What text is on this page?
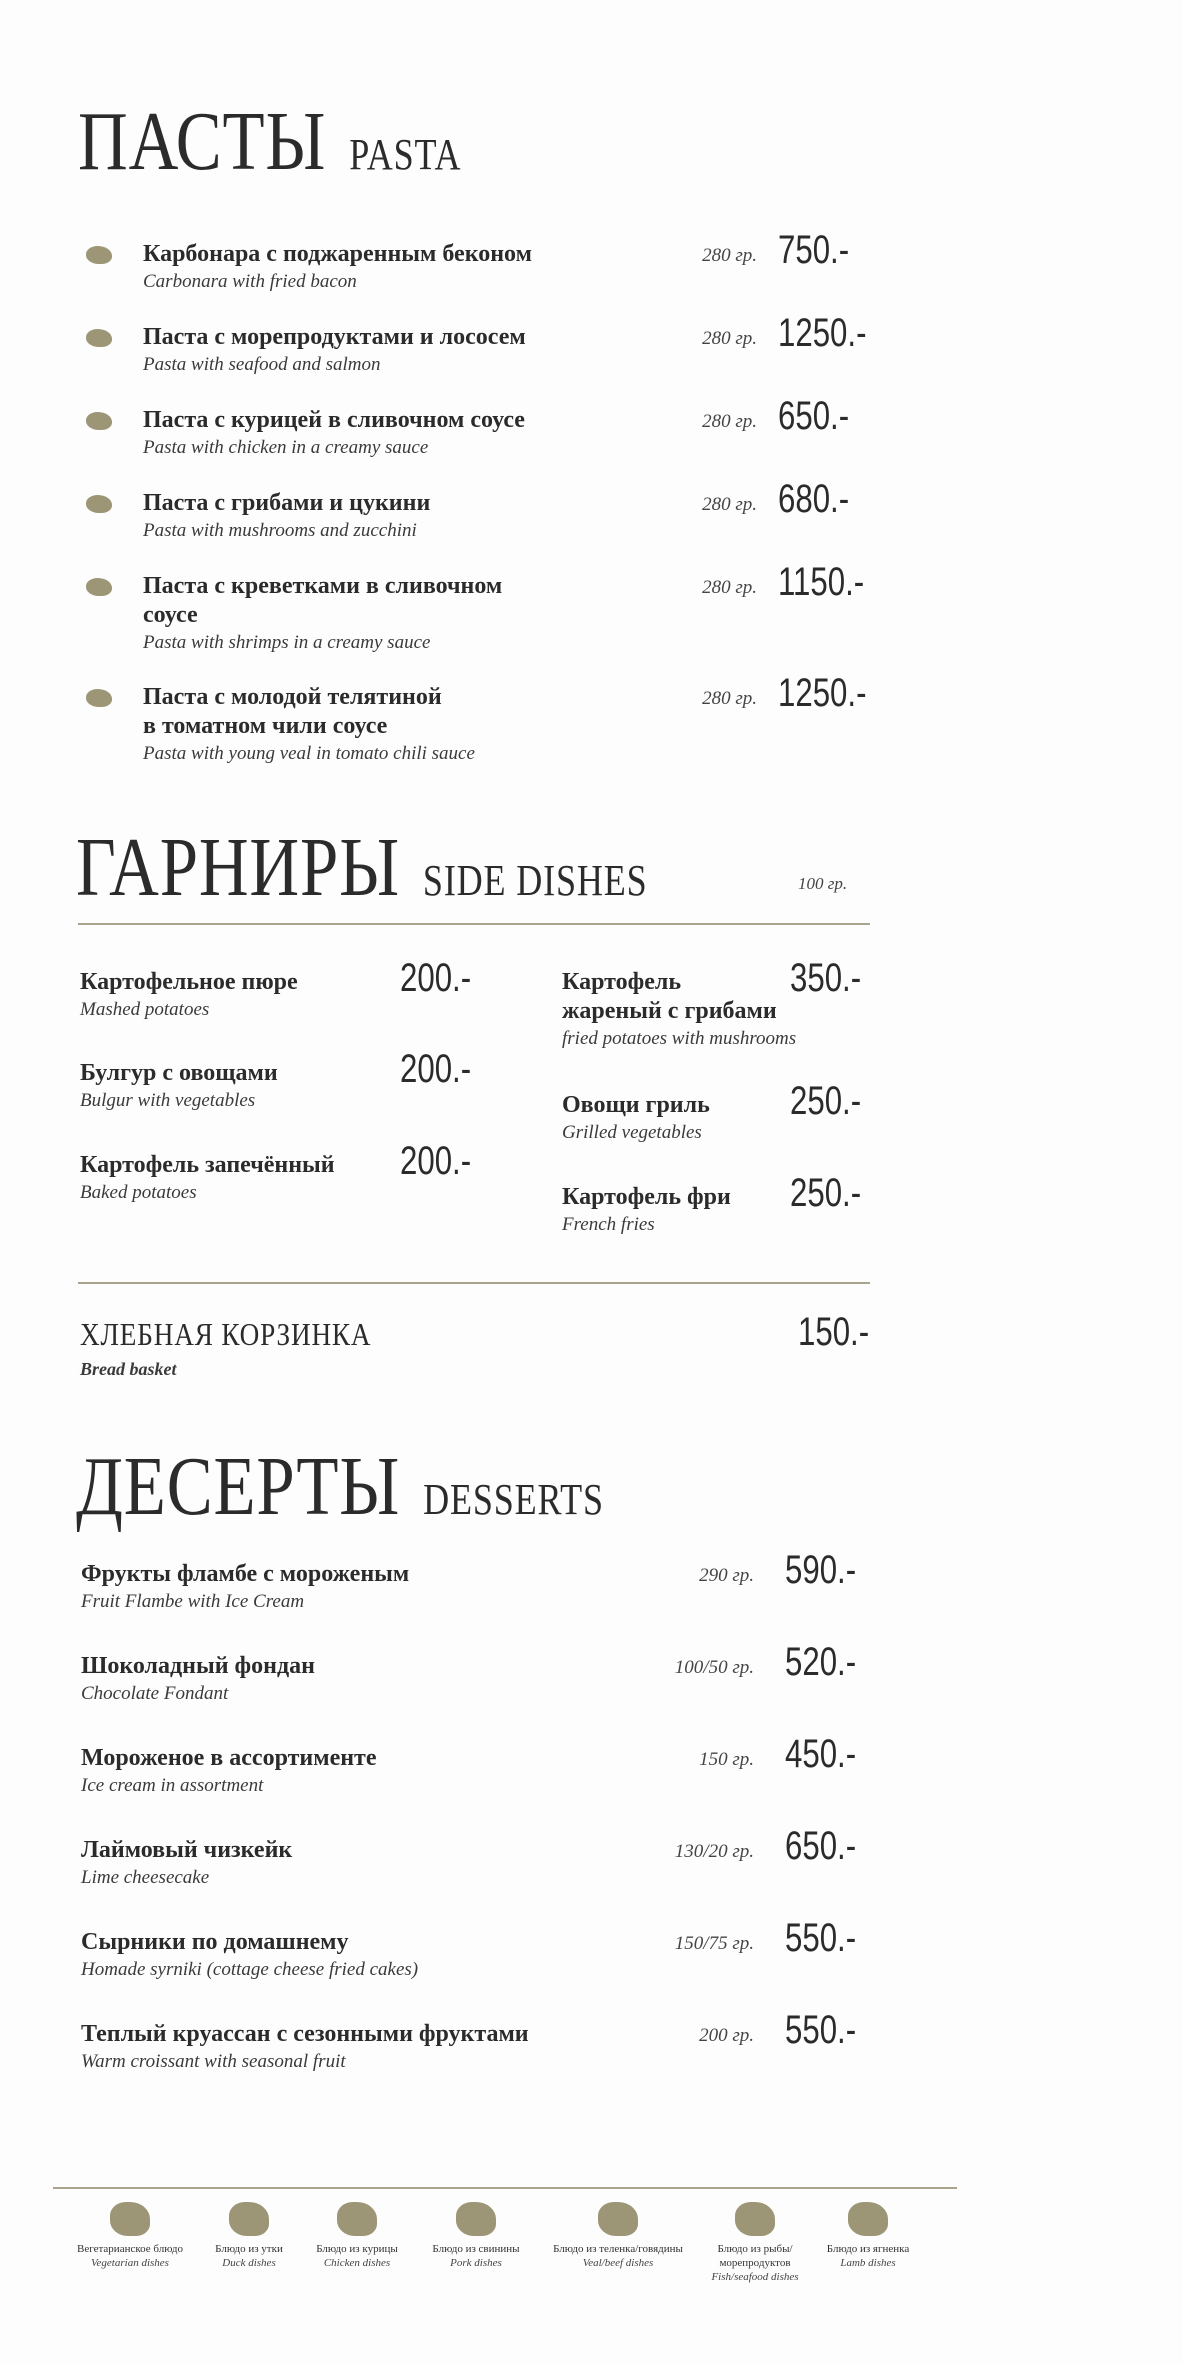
ПАСТЫ PASTA
ГАРНИРЫ SIDE DISHES	100 гр.
ХЛЕБНАЯ КОРЗИНКА
Bread basket
150.-
ДЕСЕРТЫ DESSERTS
Карбонара с поджаренным беконом
Carbonara with fried bacon
280 гр. 750.-
Паста с морепродуктами и лососем
Pasta with seafood and salmon
280 гр. 1250.-
Паста с курицей в сливочном соусе
Pasta with chicken in a creamy sauce
280 гр. 650.-
Паста с грибами и цукини
Pasta with mushrooms and zucchini
280 гр. 680.-
Паста с креветками в сливочном
соусе
Pasta with shrimps in a creamy sauce
280 гр. 1150.-
Паста с молодой телятиной
в томатном чили соусе
Pasta with young veal in tomato chili sauce
280 гр. 1250.-
Картофельное пюре
Mashed potatoes
200.-
Булгур с овощами
Bulgur with vegetables
200.-
Картофель запечённый
Baked potatoes
200.-
Картофель
жареный с грибами
fried potatoes with mushrooms
350.-
Овощи гриль
Grilled vegetables
250.-
Картофель фри
French fries
250.-
Фрукты фламбе с мороженым
Fruit Flambe with Ice Cream
290 гр. 590.-
Шоколадный фондан
Chocolate Fondant
100/50 гр. 520.-
Мороженое в ассортименте
Ice cream in assortment
150 гр. 450.-
Лаймовый чизкейк
Lime cheesecake
130/20 гр. 650.-
Сырники по домашнему
Homade syrniki (cottage cheese fried cakes)
150/75 гр. 550.-
Теплый круассан с сезонными фруктами
Warm croissant with seasonal fruit
200 гр. 550.-
Вегетарианское блюдо
Vegetarian dishes
Блюдо из утки
Duck dishes
Блюдо из курицы
Chicken dishes
Блюдо из свинины
Pork dishes
Блюдо из теленка/говядины
Veal/beef dishes
Блюдо из рыбы/
морепродуктов
Fish/seafood dishes
Блюдо из ягненка
Lamb dishes
